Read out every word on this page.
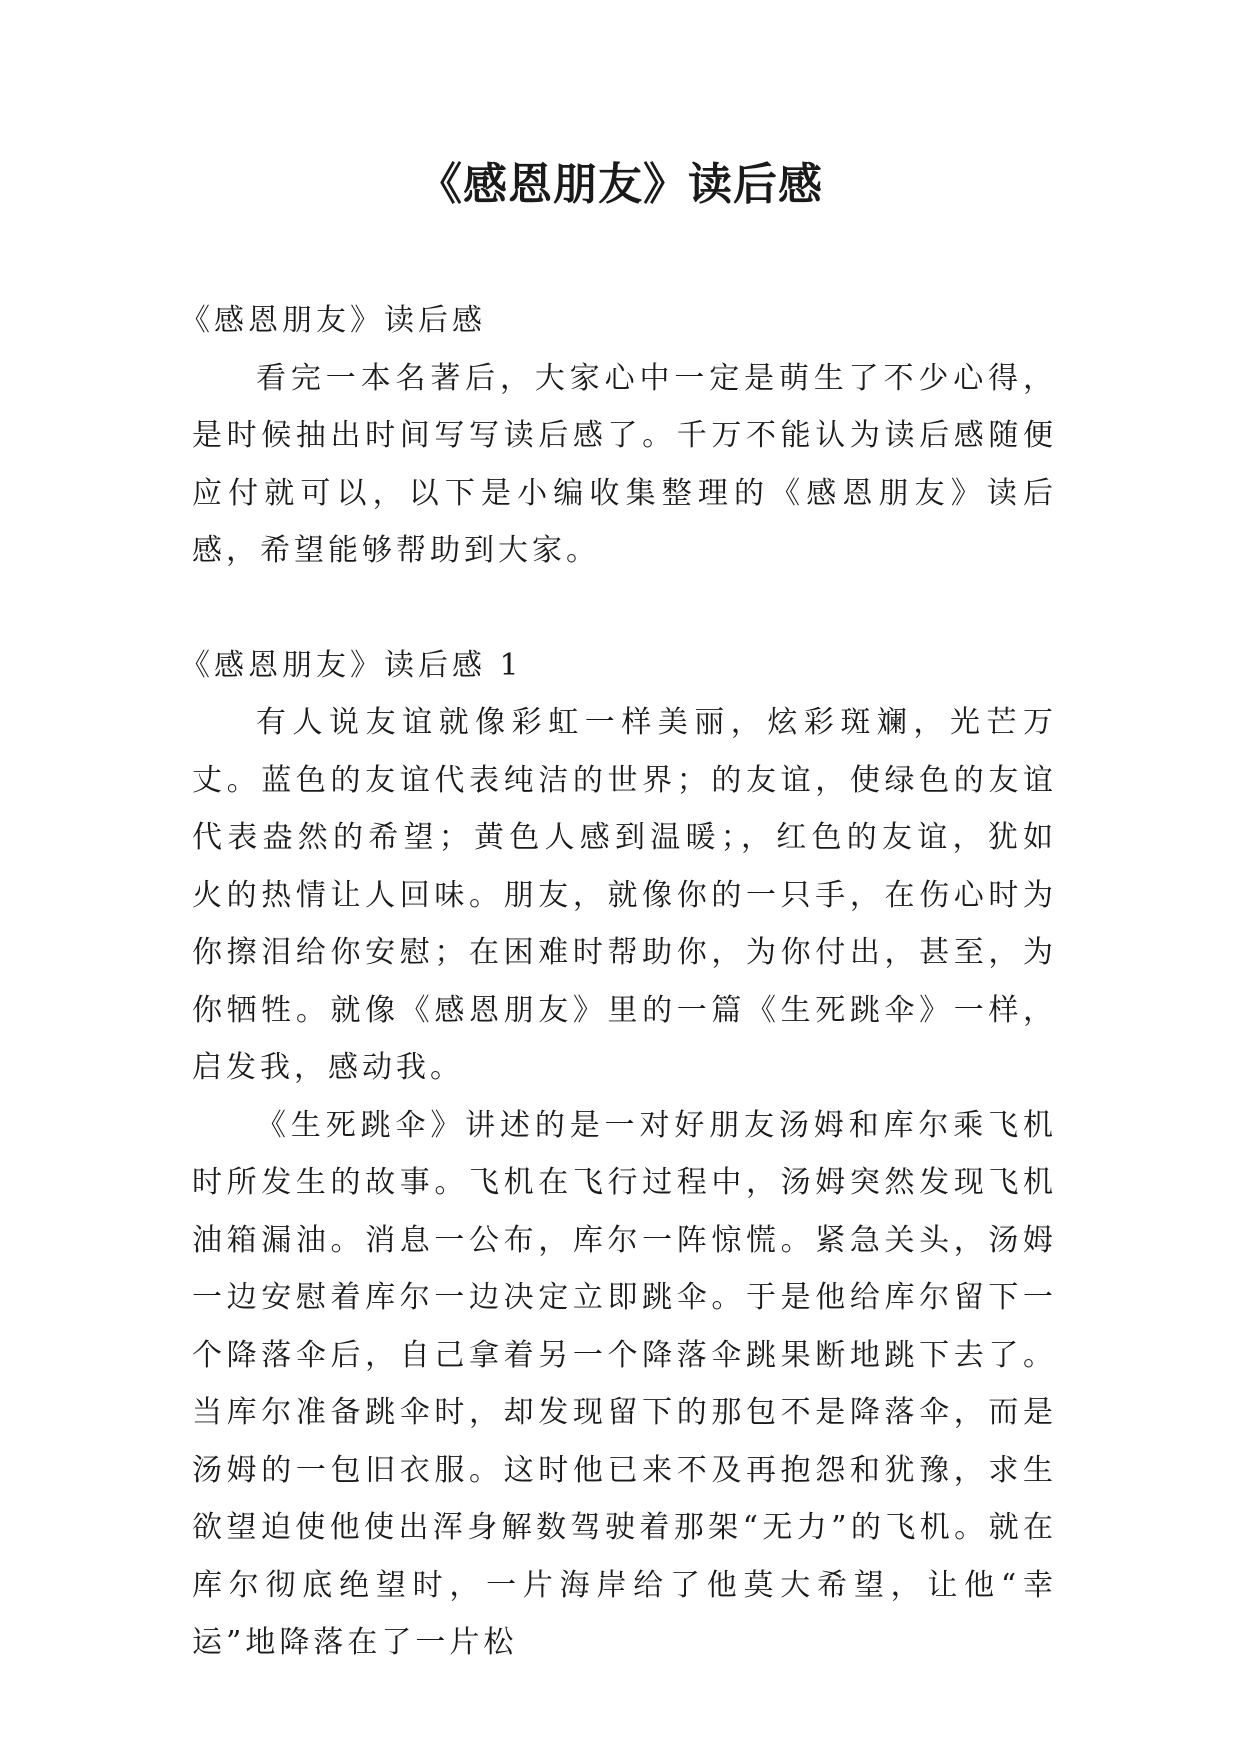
《感恩朋友》读后感

《感恩朋友》读后感

看完一本名著后，大家心中一定是萌生了不少心得，是时候抽出时间写写读后感了。千万不能认为读后感随便应付就可以，以下是小编收集整理的《感恩朋友》读后感，希望能够帮助到大家。

《感恩朋友》读后感 1

有人说友谊就像彩虹一样美丽，炫彩斑斓，光芒万丈。蓝色的友谊代表纯洁的世界；的友谊，使绿色的友谊代表盎然的希望；黄色人感到温暖；，红色的友谊，犹如火的热情让人回味。朋友，就像你的一只手，在伤心时为你擦泪给你安慰；在困难时帮助你，为你付出，甚至，为你牺牲。就像《感恩朋友》里的一篇《生死跳伞》一样，启发我，感动我。

《生死跳伞》讲述的是一对好朋友汤姆和库尔乘飞机时所发生的故事。飞机在飞行过程中，汤姆突然发现飞机油箱漏油。消息一公布，库尔一阵惊慌。紧急关头，汤姆一边安慰着库尔一边决定立即跳伞。于是他给库尔留下一个降落伞后，自己拿着另一个降落伞跳果断地跳下去了。当库尔准备跳伞时，却发现留下的那包不是降落伞，而是汤姆的一包旧衣服。这时他已来不及再抱怨和犹豫，求生欲望迫使他使出浑身解数驾驶着那架“无力”的飞机。就在库尔彻底绝望时，一片海岸给了他莫大希望，让他“幸运”地降落在了一片松
